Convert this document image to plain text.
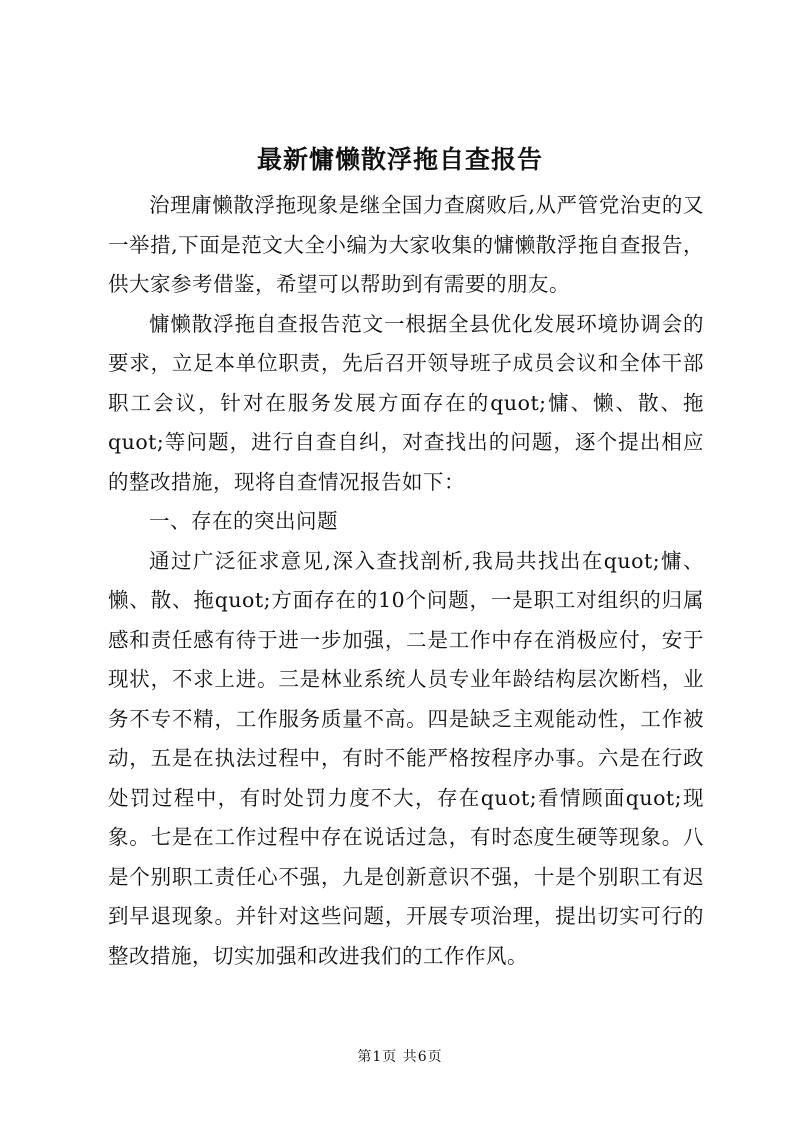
最新慵懒散浮拖自查报告

治理庸懒散浮拖现象是继全国力查腐败后,从严管党治吏的又一举措,下面是范文大全小编为大家收集的慵懒散浮拖自查报告，供大家参考借鉴，希望可以帮助到有需要的朋友。

慵懒散浮拖自查报告范文一根据全县优化发展环境协调会的要求，立足本单位职责，先后召开领导班子成员会议和全体干部职工会议，针对在服务发展方面存在的quot;慵、懒、散、拖quot;等问题，进行自查自纠，对查找出的问题，逐个提出相应的整改措施，现将自查情况报告如下：

一、存在的突出问题

通过广泛征求意见,深入查找剖析,我局共找出在quot;慵、懒、散、拖quot;方面存在的10个问题，一是职工对组织的归属感和责任感有待于进一步加强，二是工作中存在消极应付，安于现状，不求上进。三是林业系统人员专业年龄结构层次断档，业务不专不精，工作服务质量不高。四是缺乏主观能动性，工作被动，五是在执法过程中，有时不能严格按程序办事。六是在行政处罚过程中，有时处罚力度不大，存在quot;看情顾面quot;现象。七是在工作过程中存在说话过急，有时态度生硬等现象。八是个别职工责任心不强，九是创新意识不强，十是个别职工有迟到早退现象。并针对这些问题，开展专项治理，提出切实可行的整改措施，切实加强和改进我们的工作作风。

第1页 共6页
